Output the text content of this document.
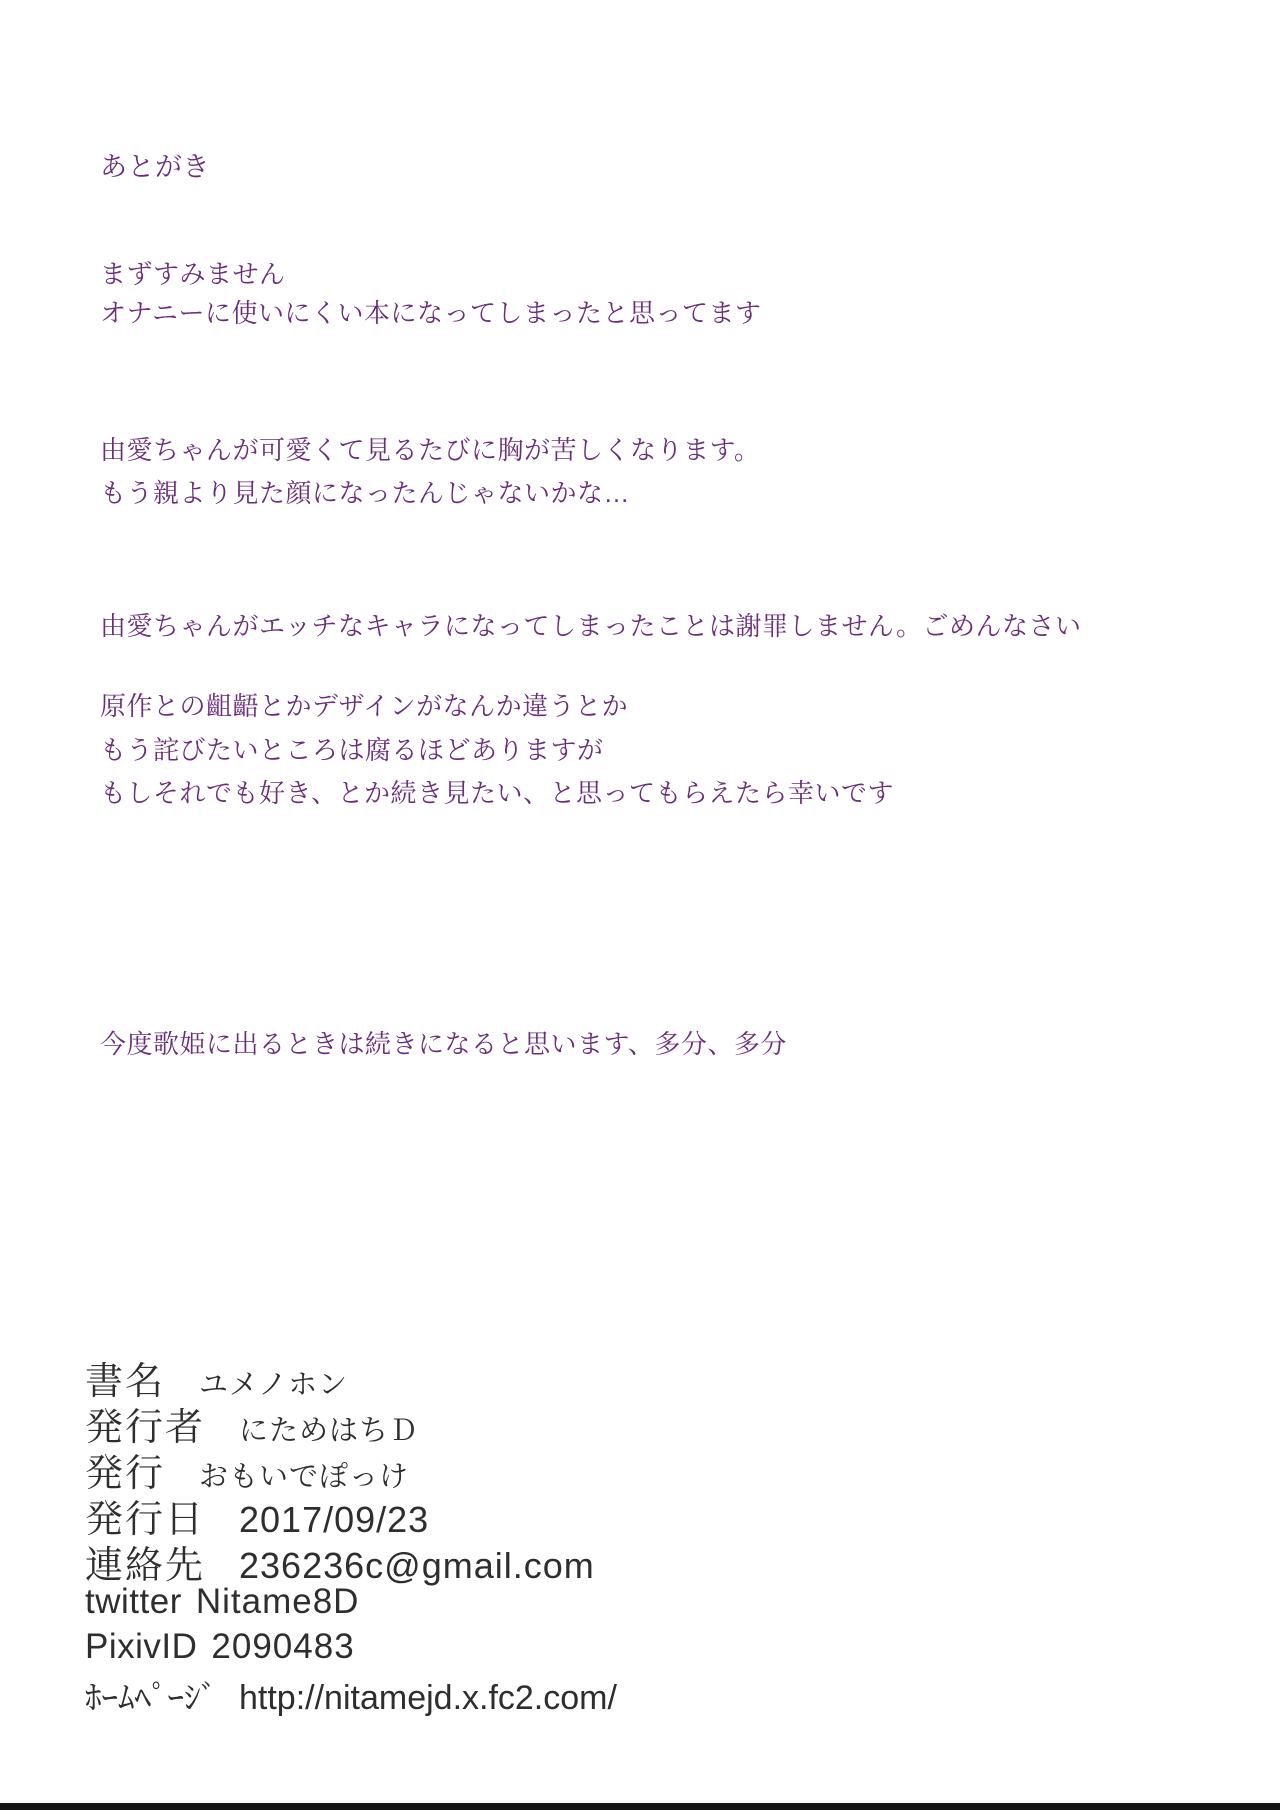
あとがき
まずすみません
オナニーに使いにくい本になってしまったと思ってます
由愛ちゃんが可愛くて見るたびに胸が苦しくなります。
もう親より見た顔になったんじゃないかな…
由愛ちゃんがエッチなキャラになってしまったことは謝罪しません。ごめんなさい
原作との齟齬とかデザインがなんか違うとか
もう詫びたいところは腐るほどありますが
もしそれでも好き、とか続き見たい、と思ってもらえたら幸いです
今度歌姫に出るときは続きになると思います、多分、多分
書名 ユメノホン
発行者 にためはちＤ
発行 おもいでぽっけ
発行日 2017/09/23
連絡先 236236c@gmail.com
twitter Nitame8D
PixivID 2090483
ﾎｰﾑﾍﾟｰｼﾞ http://nitamejd.x.fc2.com/
